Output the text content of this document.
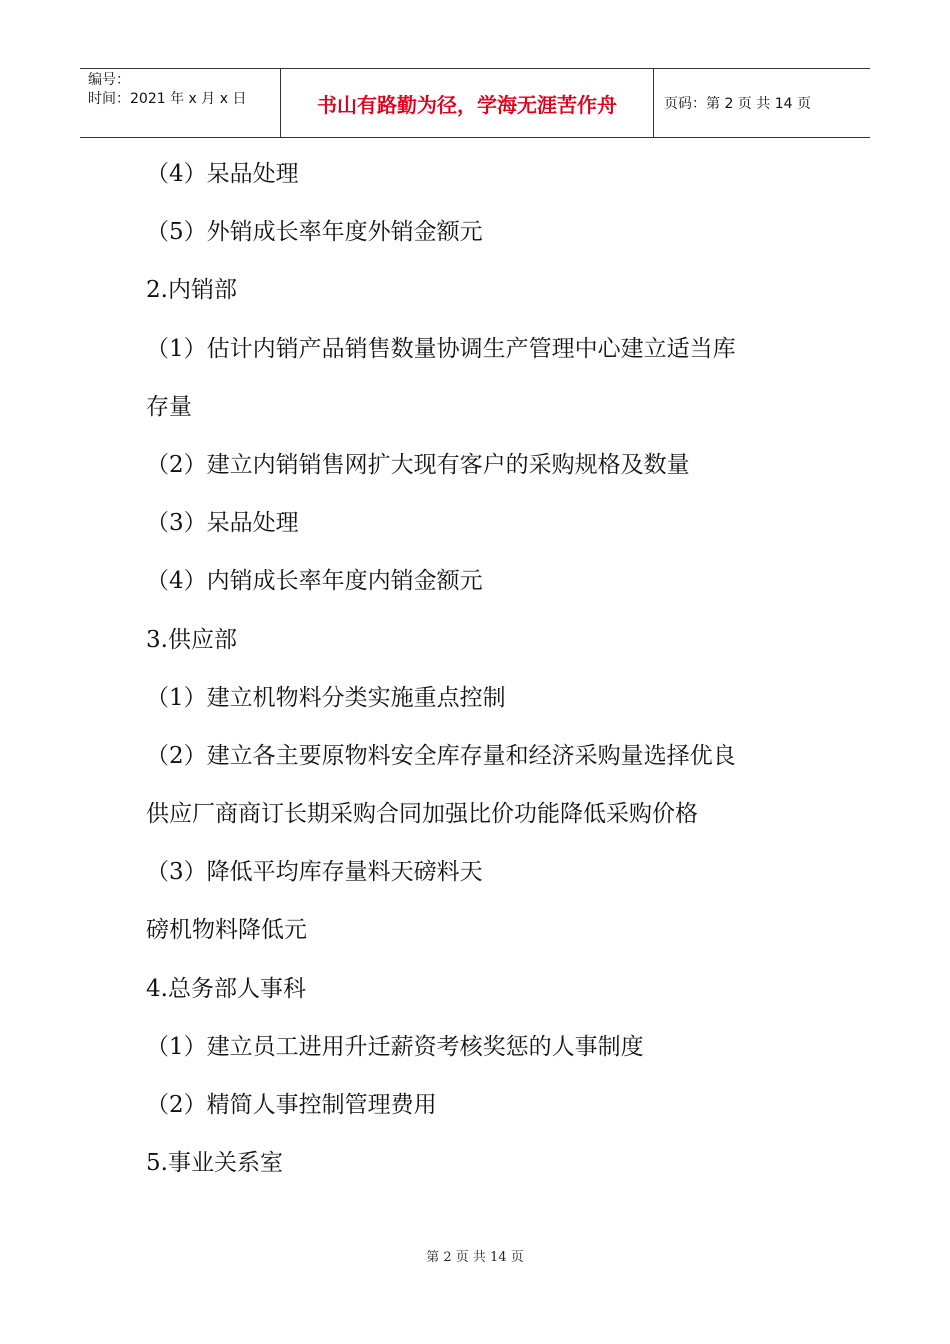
编号：
时间：2021 年 x 月 x 日	书山有路勤为径，学海无涯苦作舟	页码：第 2 页 共 14 页
（4）呆品处理
（5）外销成长率年度外销金额元
2.内销部
（1）估计内销产品销售数量协调生产管理中心建立适当库
存量
（2）建立内销销售网扩大现有客户的采购规格及数量
（3）呆品处理
（4）内销成长率年度内销金额元
3.供应部
（1）建立机物料分类实施重点控制
（2）建立各主要原物料安全库存量和经济采购量选择优良
供应厂商商订长期采购合同加强比价功能降低采购价格
（3）降低平均库存量料天磅料天
磅机物料降低元
4.总务部人事科
（1）建立员工进用升迁薪资考核奖惩的人事制度
（2）精简人事控制管理费用
5.事业关系室
第 2 页 共 14 页
